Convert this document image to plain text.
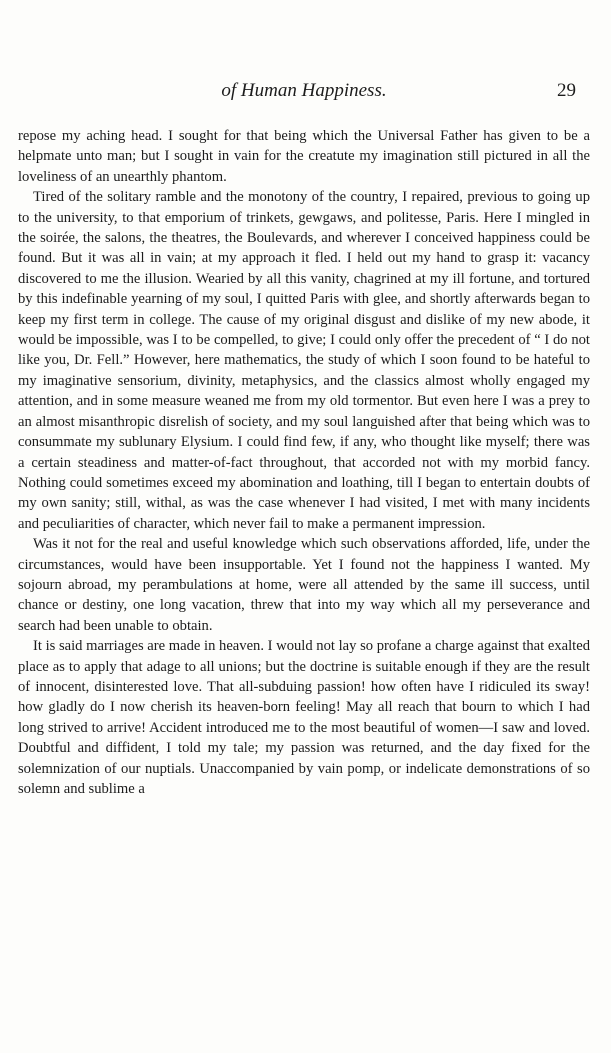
of Human Happiness.	29

repose my aching head. I sought for that being which the Universal Father has given to be a helpmate unto man; but I sought in vain for the creatute my imagination still pictured in all the loveliness of an unearthly phantom.

Tired of the solitary ramble and the monotony of the country, I repaired, previous to going up to the university, to that emporium of trinkets, gewgaws, and politesse, Paris. Here I mingled in the soirée, the salons, the theatres, the Boulevards, and wherever I conceived happiness could be found. But it was all in vain; at my approach it fled. I held out my hand to grasp it: vacancy discovered to me the illusion. Wearied by all this vanity, chagrined at my ill fortune, and tortured by this indefinable yearning of my soul, I quitted Paris with glee, and shortly afterwards began to keep my first term in college. The cause of my original disgust and dislike of my new abode, it would be impossible, was I to be compelled, to give; I could only offer the precedent of “ I do not like you, Dr. Fell.” However, here mathematics, the study of which I soon found to be hateful to my imaginative sensorium, divinity, metaphysics, and the classics almost wholly engaged my attention, and in some measure weaned me from my old tormentor. But even here I was a prey to an almost misanthropic disrelish of society, and my soul languished after that being which was to consummate my sublunary Elysium. I could find few, if any, who thought like myself; there was a certain steadiness and matter-of-fact throughout, that accorded not with my morbid fancy. Nothing could sometimes exceed my abomination and loathing, till I began to entertain doubts of my own sanity; still, withal, as was the case whenever I had visited, I met with many incidents and peculiarities of character, which never fail to make a permanent impression.

Was it not for the real and useful knowledge which such observations afforded, life, under the circumstances, would have been insupportable. Yet I found not the happiness I wanted. My sojourn abroad, my perambulations at home, were all attended by the same ill success, until chance or destiny, one long vacation, threw that into my way which all my perseverance and search had been unable to obtain.

It is said marriages are made in heaven. I would not lay so profane a charge against that exalted place as to apply that adage to all unions; but the doctrine is suitable enough if they are the result of innocent, disinterested love. That all-subduing passion! how often have I ridiculed its sway! how gladly do I now cherish its heaven-born feeling! May all reach that bourn to which I had long strived to arrive! Accident introduced me to the most beautiful of women—I saw and loved. Doubtful and diffident, I told my tale; my passion was returned, and the day fixed for the solemnization of our nuptials. Unaccompanied by vain pomp, or indelicate demonstrations of so solemn and sublime a
